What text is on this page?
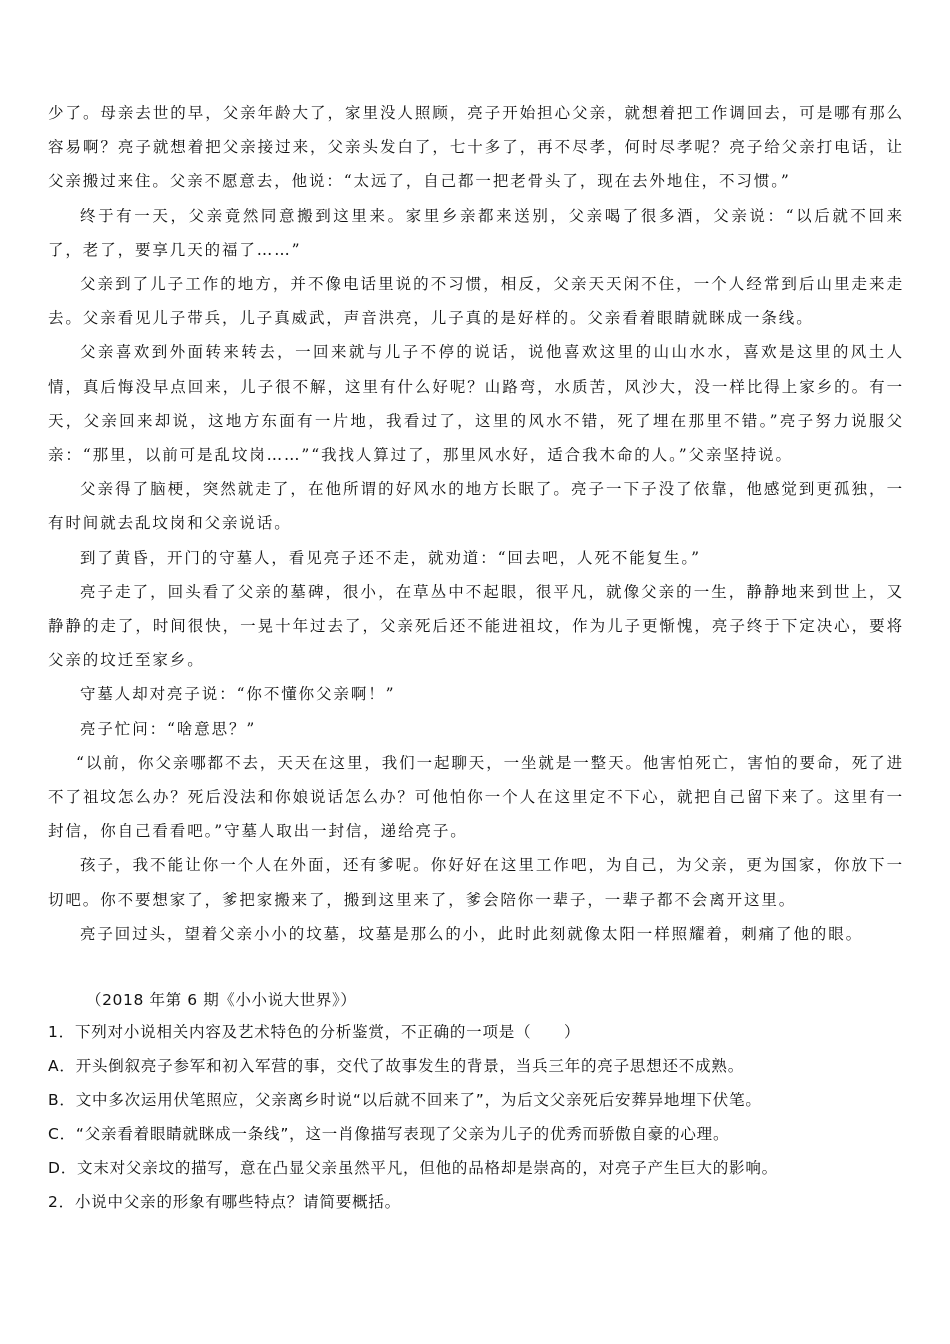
少了。母亲去世的早，父亲年龄大了，家里没人照顾，亮子开始担心父亲，就想着把工作调回去，可是哪有那么容易啊？亮子就想着把父亲接过来，父亲头发白了，七十多了，再不尽孝，何时尽孝呢？亮子给父亲打电话，让父亲搬过来住。父亲不愿意去，他说：“太远了，自己都一把老骨头了，现在去外地住，不习惯。”

终于有一天，父亲竟然同意搬到这里来。家里乡亲都来送别，父亲喝了很多酒，父亲说：“以后就不回来了，老了，要享几天的福了……”

父亲到了儿子工作的地方，并不像电话里说的不习惯，相反，父亲天天闲不住，一个人经常到后山里走来走去。父亲看见儿子带兵，儿子真威武，声音洪亮，儿子真的是好样的。父亲看着眼睛就眯成一条线。

父亲喜欢到外面转来转去，一回来就与儿子不停的说话，说他喜欢这里的山山水水，喜欢是这里的风土人情，真后悔没早点回来，儿子很不解，这里有什么好呢？山路弯，水质苦，风沙大，没一样比得上家乡的。有一天，父亲回来却说，这地方东面有一片地，我看过了，这里的风水不错，死了埋在那里不错。”亮子努力说服父亲：“那里，以前可是乱坟岗……”“我找人算过了，那里风水好，适合我木命的人。”父亲坚持说。

父亲得了脑梗，突然就走了，在他所谓的好风水的地方长眠了。亮子一下子没了依靠，他感觉到更孤独，一有时间就去乱坟岗和父亲说话。

到了黄昏，开门的守墓人，看见亮子还不走，就劝道：“回去吧，人死不能复生。”

亮子走了，回头看了父亲的墓碑，很小，在草丛中不起眼，很平凡，就像父亲的一生，静静地来到世上，又静静的走了，时间很快，一晃十年过去了，父亲死后还不能进祖坟，作为儿子更惭愧，亮子终于下定决心，要将父亲的坟迁至家乡。

守墓人却对亮子说：“你不懂你父亲啊！”

亮子忙问：“啥意思？”

“以前，你父亲哪都不去，天天在这里，我们一起聊天，一坐就是一整天。他害怕死亡，害怕的要命，死了进不了祖坟怎么办？死后没法和你娘说话怎么办？可他怕你一个人在这里定不下心，就把自己留下来了。这里有一封信，你自己看看吧。”守墓人取出一封信，递给亮子。

孩子，我不能让你一个人在外面，还有爹呢。你好好在这里工作吧，为自己，为父亲，更为国家，你放下一切吧。你不要想家了，爹把家搬来了，搬到这里来了，爹会陪你一辈子，一辈子都不会离开这里。

亮子回过头，望着父亲小小的坟墓，坟墓是那么的小，此时此刻就像太阳一样照耀着，刺痛了他的眼。

（2018 年第 6 期《小小说大世界》）

1．下列对小说相关内容及艺术特色的分析鉴赏，不正确的一项是（　　）

A．开头倒叙亮子参军和初入军营的事，交代了故事发生的背景，当兵三年的亮子思想还不成熟。

B．文中多次运用伏笔照应，父亲离乡时说“以后就不回来了”，为后文父亲死后安葬异地埋下伏笔。

C．“父亲看着眼睛就眯成一条线”，这一肖像描写表现了父亲为儿子的优秀而骄傲自豪的心理。

D．文末对父亲坟的描写，意在凸显父亲虽然平凡，但他的品格却是崇高的，对亮子产生巨大的影响。

2．小说中父亲的形象有哪些特点？请简要概括。
